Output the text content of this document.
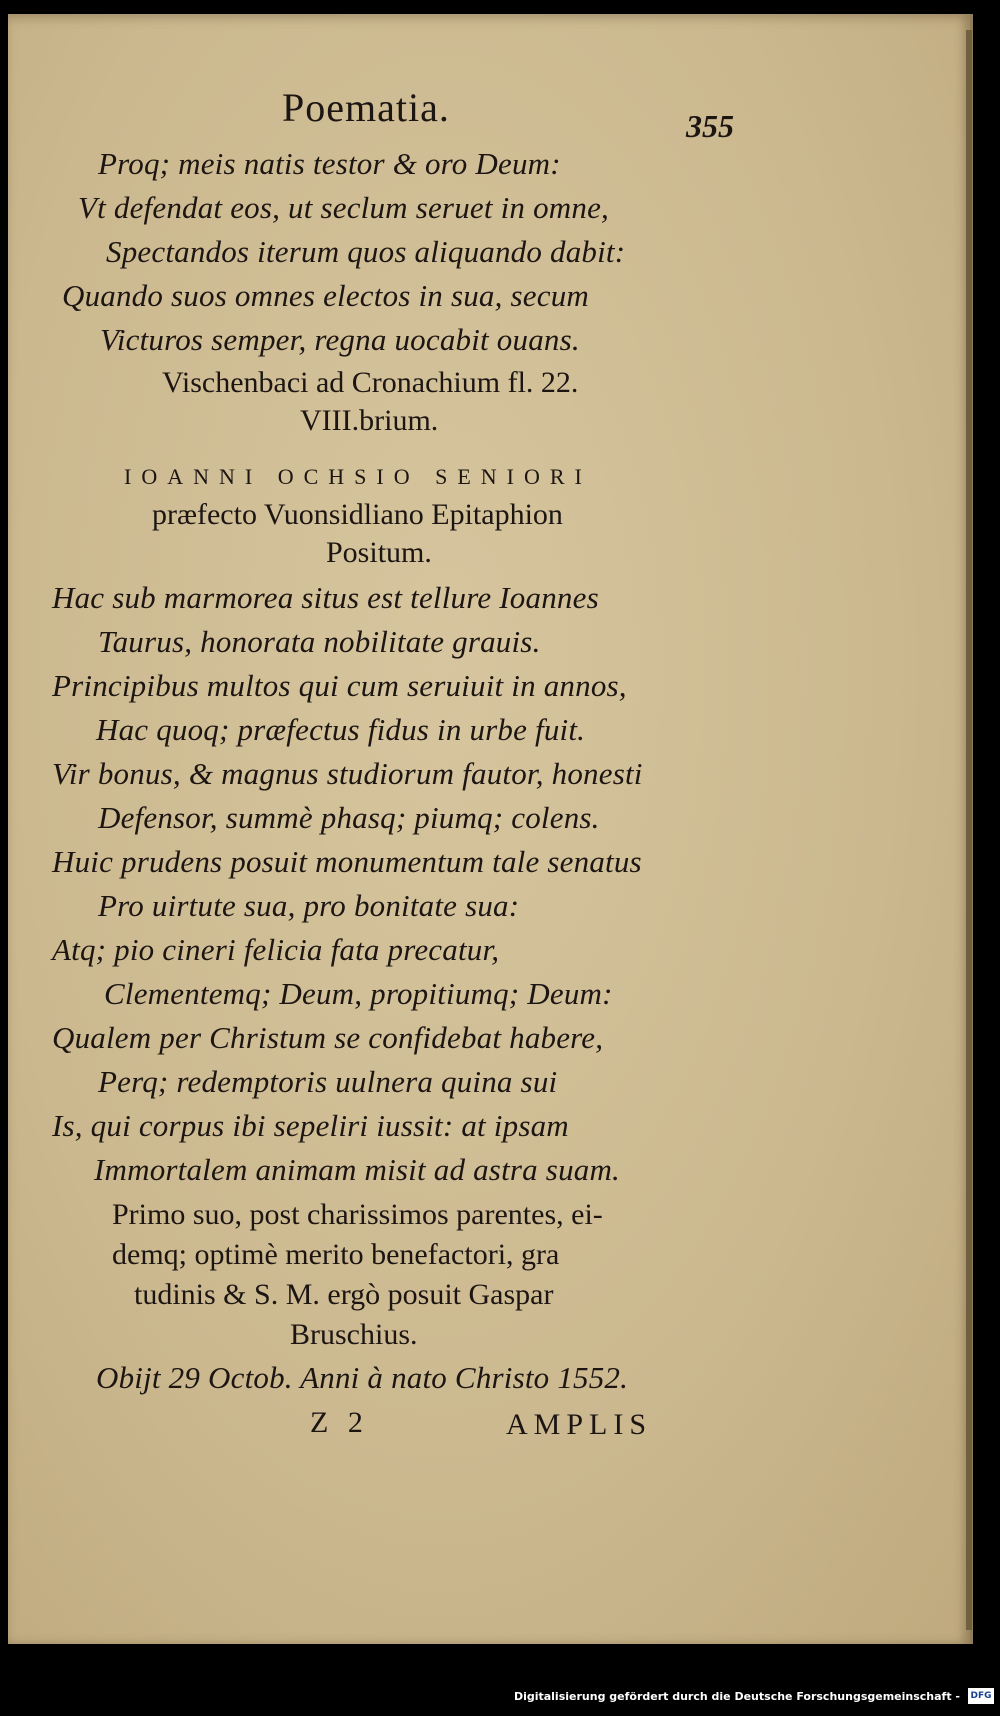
Poematia.	355
Proq; meis natis testor & oro Deum:
Vt defendat eos, ut seclum seruet in omne,
Spectandos iterum quos aliquando dabit:
Quando suos omnes electos in sua, secum
Victuros semper, regna uocabit ouans.
Vischenbaci ad Cronachium fl. 22.
VIII.brium.
IOANNI OCHSIO SENIORI
præfecto Vuonsidliano Epitaphion
Positum.
Hac sub marmorea situs est tellure Ioannes
Taurus, honorata nobilitate grauis.
Principibus multos qui cum seruiuit in annos,
Hac quoq; præfectus fidus in urbe fuit.
Vir bonus, & magnus studiorum fautor, honesti
Defensor, summè phasq; piumq; colens.
Huic prudens posuit monumentum tale senatus
Pro uirtute sua, pro bonitate sua:
Atq; pio cineri felicia fata precatur,
Clementemq; Deum, propitiumq; Deum:
Qualem per Christum se confidebat habere,
Perq; redemptoris uulnera quina sui
Is, qui corpus ibi sepeliri iussit: at ipsam
Immortalem animam misit ad astra suam.
Primo suo, post charissimos parentes, ei-
demq; optimè merito benefactori, gra
tudinis & S. M. ergò posuit Gaspar
Bruschius.
Obijt 29 Octob. Anni à nato Christo 1552.
Z 2	AMPLIS
Digitalisierung gefördert durch die Deutsche Forschungsgemeinschaft - DFG
